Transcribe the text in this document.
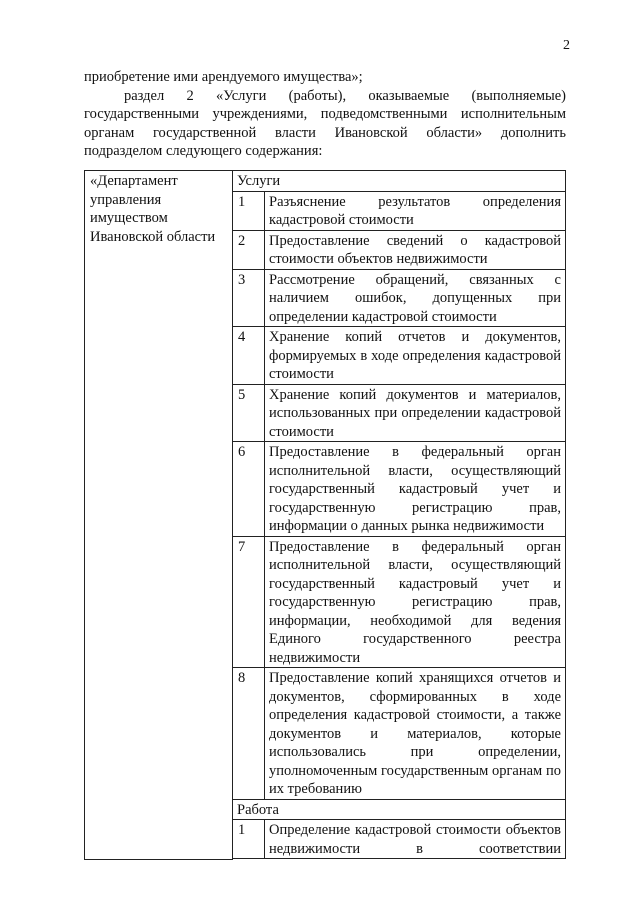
2

приобретение ими арендуемого имущества»;

раздел 2 «Услуги (работы), оказываемые (выполняемые) государственными учреждениями, подведомственными исполнительным органам государственной власти Ивановской области» дополнить подразделом следующего содержания:

«Департамент управления имуществом Ивановской области	Услуги	
	1	Разъяснение результатов определения кадастровой стоимости
	2	Предоставление сведений о кадастровой стоимости объектов недвижимости
	3	Рассмотрение обращений, связанных с наличием ошибок, допущенных при определении кадастровой стоимости
	4	Хранение копий отчетов и документов, формируемых в ходе определения кадастровой стоимости
	5	Хранение копий документов и материалов, использованных при определении кадастровой стоимости
	6	Предоставление в федеральный орган исполнительной власти, осуществляющий государственный кадастровый учет и государственную регистрацию прав, информации о данных рынка недвижимости
	7	Предоставление в федеральный орган исполнительной власти, осуществляющий государственный кадастровый учет и государственную регистрацию прав, информации, необходимой для ведения Единого государственного реестра недвижимости
	8	Предоставление копий хранящихся отчетов и документов, сформированных в ходе определения кадастровой стоимости, а также документов и материалов, которые использовались при определении, уполномоченным государственным органам по их требованию
	Работа	
	1	Определение кадастровой стоимости объектов недвижимости в соответствии
